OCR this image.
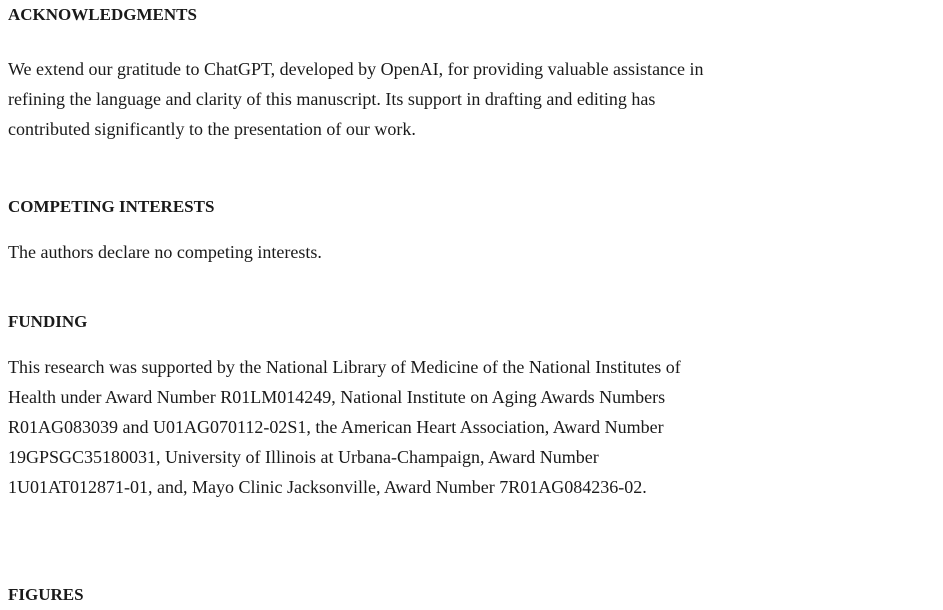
ACKNOWLEDGMENTS
We extend our gratitude to ChatGPT, developed by OpenAI, for providing valuable assistance in
refining the language and clarity of this manuscript. Its support in drafting and editing has
contributed significantly to the presentation of our work.
COMPETING INTERESTS
The authors declare no competing interests.
FUNDING
This research was supported by the National Library of Medicine of the National Institutes of
Health under Award Number R01LM014249, National Institute on Aging Awards Numbers
R01AG083039 and U01AG070112-02S1, the American Heart Association, Award Number
19GPSGC35180031, University of Illinois at Urbana-Champaign, Award Number
1U01AT012871-01, and, Mayo Clinic Jacksonville, Award Number 7R01AG084236-02.
FIGURES
